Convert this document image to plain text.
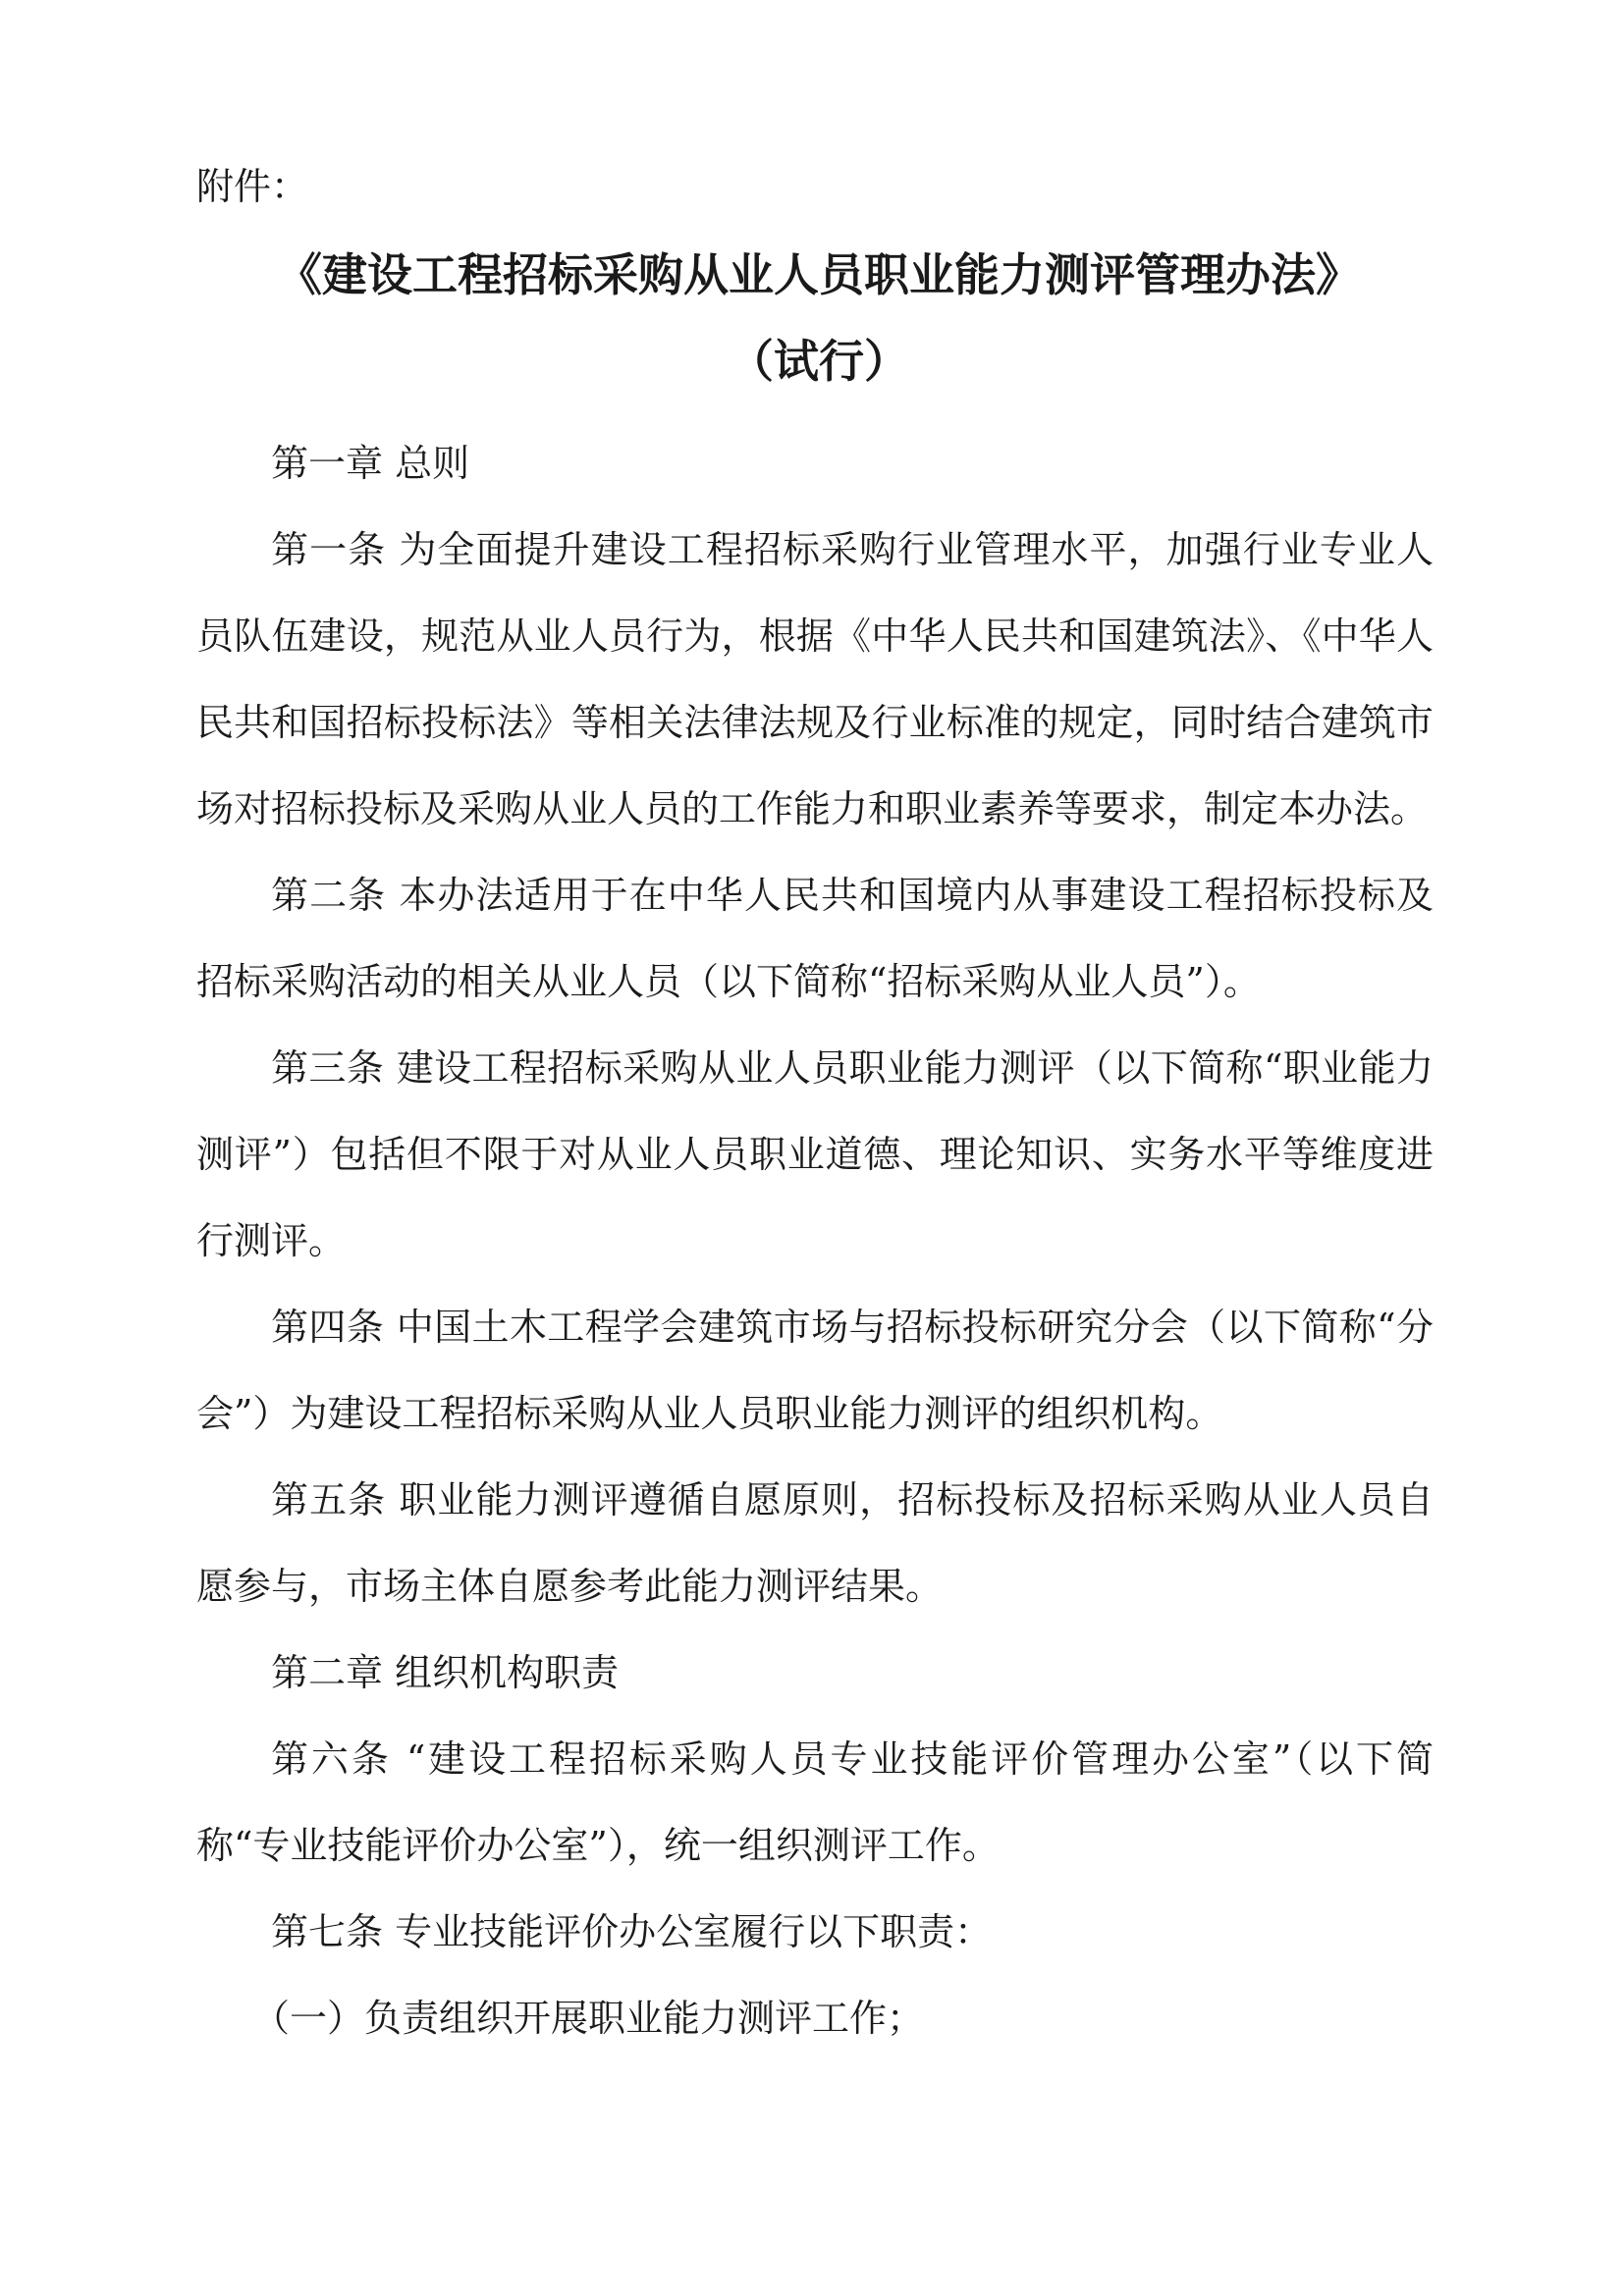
附件：
《建设工程招标采购从业人员职业能力测评管理办法》
（试行）

第一章 总则

第一条 为全面提升建设工程招标采购行业管理水平，加强行业专业人员队伍建设，规范从业人员行为，根据《中华人民共和国建筑法》、《中华人民共和国招标投标法》等相关法律法规及行业标准的规定，同时结合建筑市场对招标投标及采购从业人员的工作能力和职业素养等要求，制定本办法。

第二条 本办法适用于在中华人民共和国境内从事建设工程招标投标及招标采购活动的相关从业人员（以下简称“招标采购从业人员”）。

第三条 建设工程招标采购从业人员职业能力测评（以下简称“职业能力测评”）包括但不限于对从业人员职业道德、理论知识、实务水平等维度进行测评。

第四条 中国土木工程学会建筑市场与招标投标研究分会（以下简称“分会”）为建设工程招标采购从业人员职业能力测评的组织机构。

第五条 职业能力测评遵循自愿原则，招标投标及招标采购从业人员自愿参与，市场主体自愿参考此能力测评结果。

第二章 组织机构职责

第六条 “建设工程招标采购人员专业技能评价管理办公室”（以下简称“专业技能评价办公室”），统一组织测评工作。

第七条 专业技能评价办公室履行以下职责：

（一）负责组织开展职业能力测评工作；
